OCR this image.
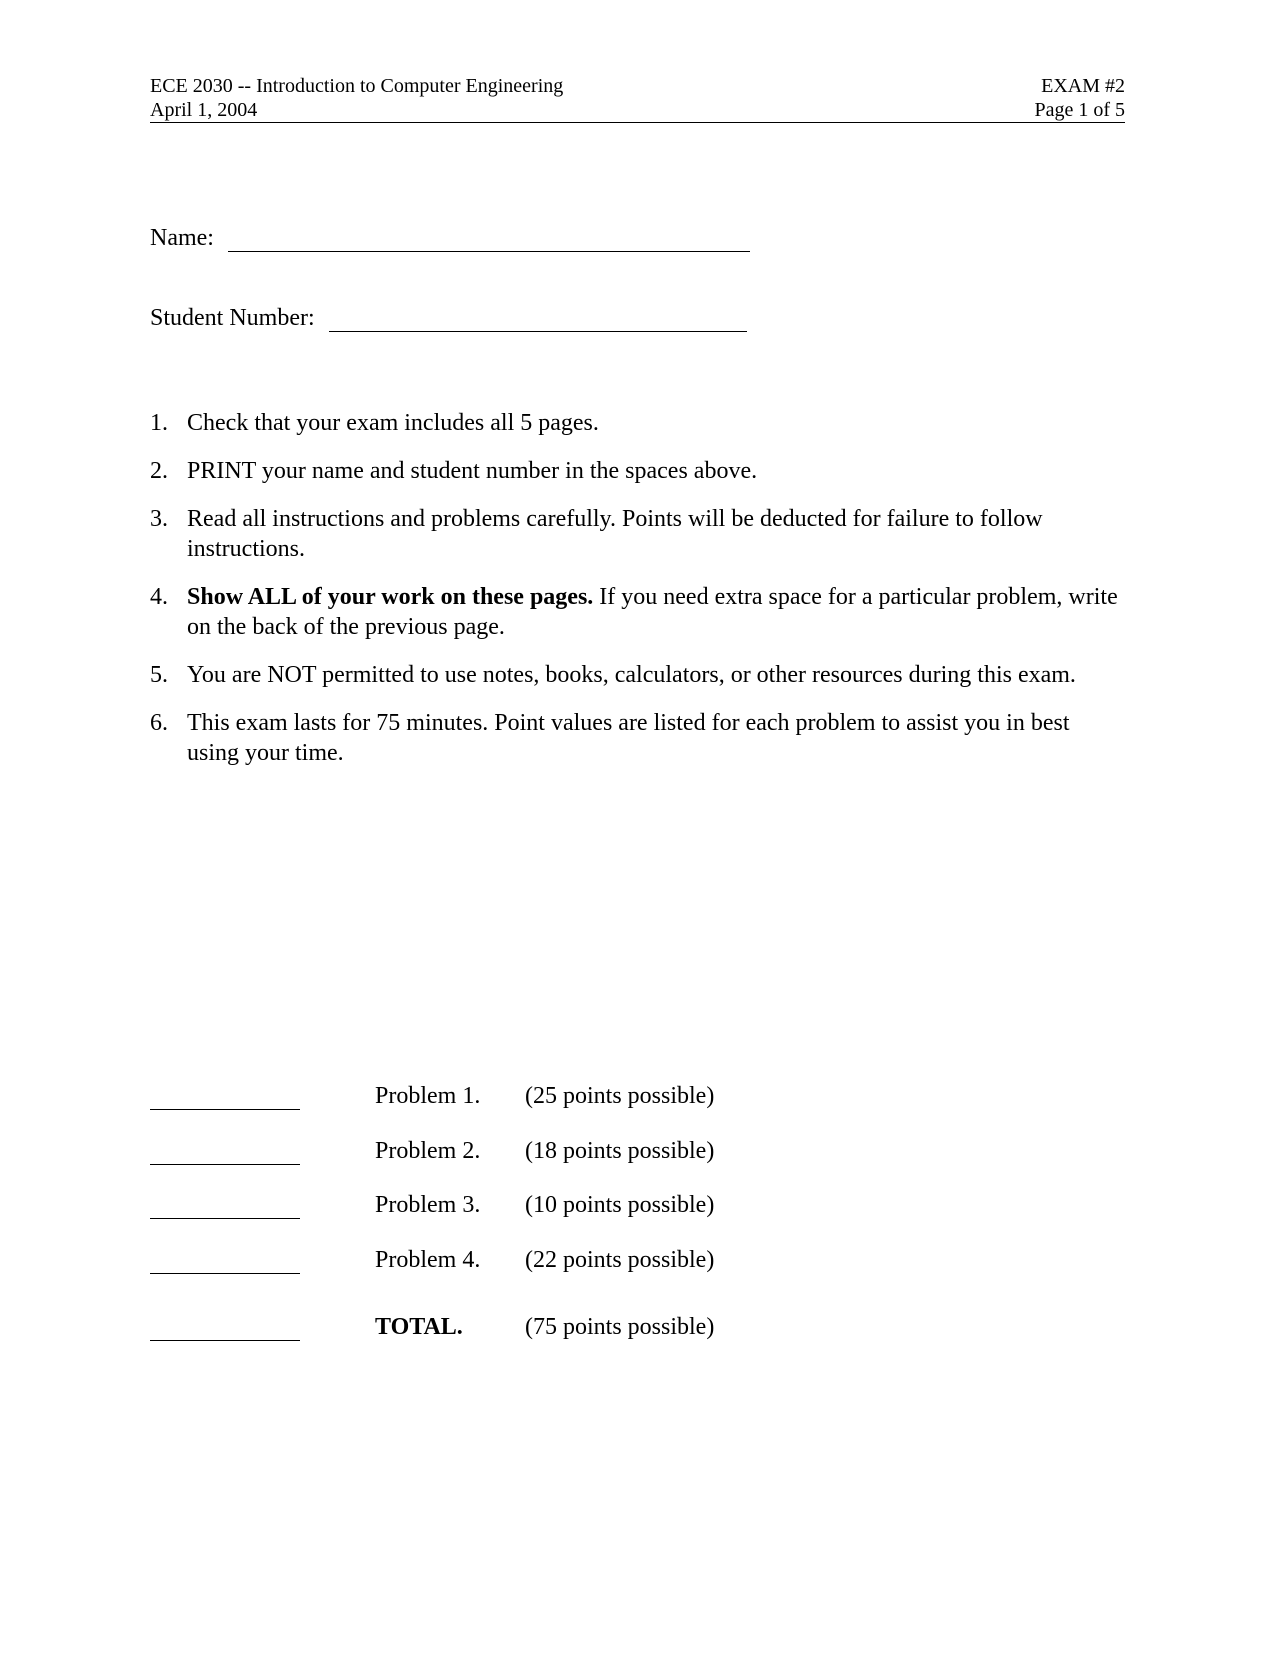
ECE 2030 -- Introduction to Computer Engineering	EXAM #2
April 1, 2004	Page 1 of 5
Name:
Student Number:
1. Check that your exam includes all 5 pages.
2. PRINT your name and student number in the spaces above.
3. Read all instructions and problems carefully. Points will be deducted for failure to follow instructions.
4. Show ALL of your work on these pages. If you need extra space for a particular problem, write on the back of the previous page.
5. You are NOT permitted to use notes, books, calculators, or other resources during this exam.
6. This exam lasts for 75 minutes. Point values are listed for each problem to assist you in best using your time.
Problem 1. (25 points possible)
Problem 2. (18 points possible)
Problem 3. (10 points possible)
Problem 4. (22 points possible)
TOTAL.	(75 points possible)
